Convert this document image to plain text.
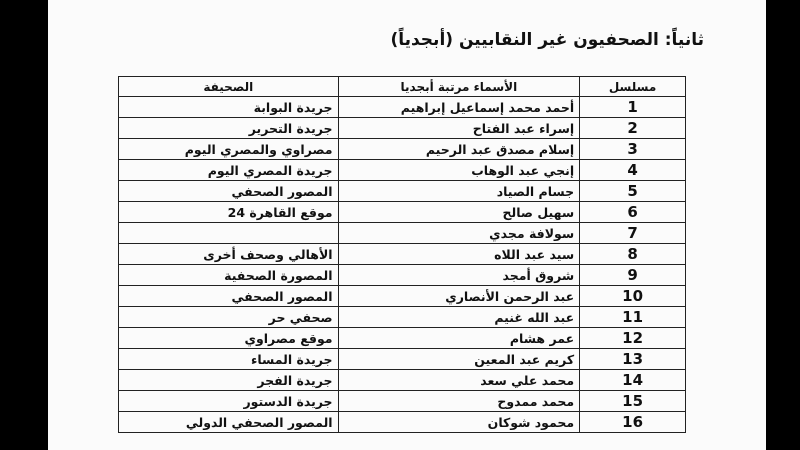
ثانياً: الصحفيون غير النقابيين (أبجدياً)
مسلسل	الأسماء مرتبة أبجديا	الصحيفة
1	أحمد محمد إسماعيل إبراهيم	جريدة البوابة
2	إسراء عبد الفتاح	جريدة التحرير
3	إسلام مصدق عبد الرحيم	مصراوي والمصري اليوم
4	إنجي عبد الوهاب	جريدة المصري اليوم
5	جسام الصياد	المصور الصحفي
6	سهيل صالح	موقع القاهرة 24
7	سولافة مجدي	
8	سيد عبد اللاه	الأهالي وصحف أخرى
9	شروق أمجد	المصورة الصحفية
10	عبد الرحمن الأنصاري	المصور الصحفي
11	عبد الله غنيم	صحفي حر
12	عمر هشام	موقع مصراوي
13	كريم عبد المعين	جريدة المساء
14	محمد علي سعد	جريدة الفجر
15	محمد ممدوح	جريدة الدستور
16	محمود شوكان	المصور الصحفي الدولي
